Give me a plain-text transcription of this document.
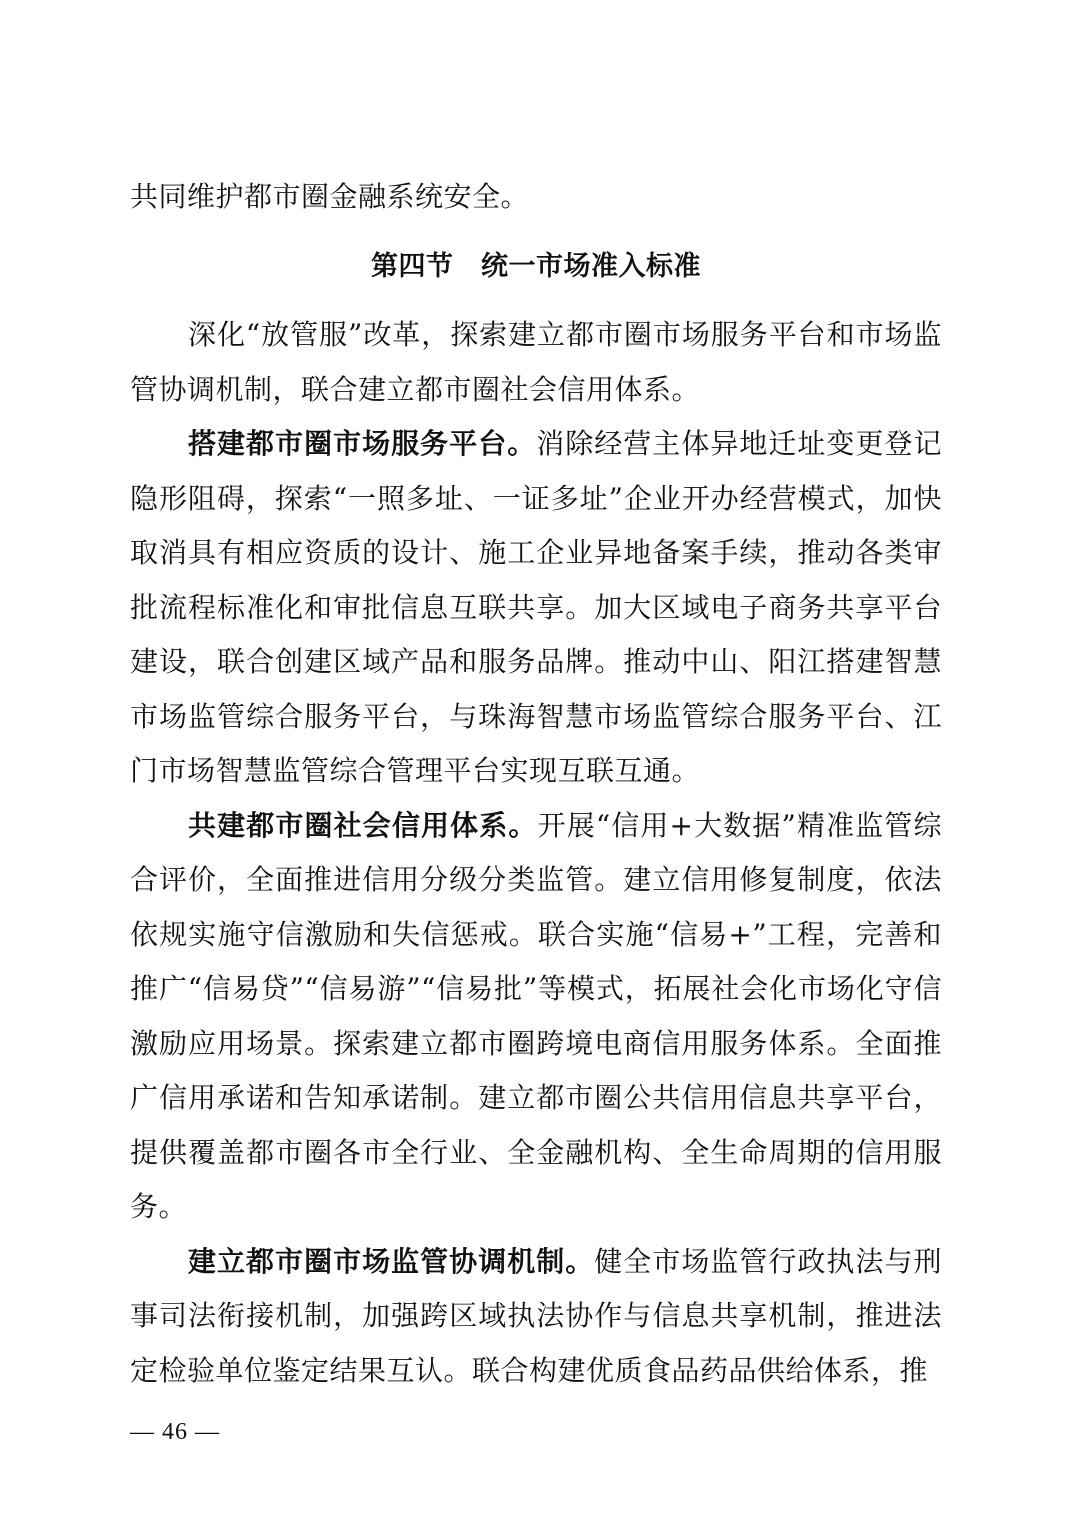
共同维护都市圈金融系统安全。

第四节　统一市场准入标准

深化“放管服”改革，探索建立都市圈市场服务平台和市场监管协调机制，联合建立都市圈社会信用体系。

搭建都市圈市场服务平台。消除经营主体异地迁址变更登记隐形阻碍，探索“一照多址、一证多址”企业开办经营模式，加快取消具有相应资质的设计、施工企业异地备案手续，推动各类审批流程标准化和审批信息互联共享。加大区域电子商务共享平台建设，联合创建区域产品和服务品牌。推动中山、阳江搭建智慧市场监管综合服务平台，与珠海智慧市场监管综合服务平台、江门市场智慧监管综合管理平台实现互联互通。

共建都市圈社会信用体系。开展“信用+大数据”精准监管综合评价，全面推进信用分级分类监管。建立信用修复制度，依法依规实施守信激励和失信惩戒。联合实施“信易+”工程，完善和推广“信易贷”“信易游”“信易批”等模式，拓展社会化市场化守信激励应用场景。探索建立都市圈跨境电商信用服务体系。全面推广信用承诺和告知承诺制。建立都市圈公共信用信息共享平台，提供覆盖都市圈各市全行业、全金融机构、全生命周期的信用服务。

建立都市圈市场监管协调机制。健全市场监管行政执法与刑事司法衔接机制，加强跨区域执法协作与信息共享机制，推进法定检验单位鉴定结果互认。联合构建优质食品药品供给体系，推

— 46 —
